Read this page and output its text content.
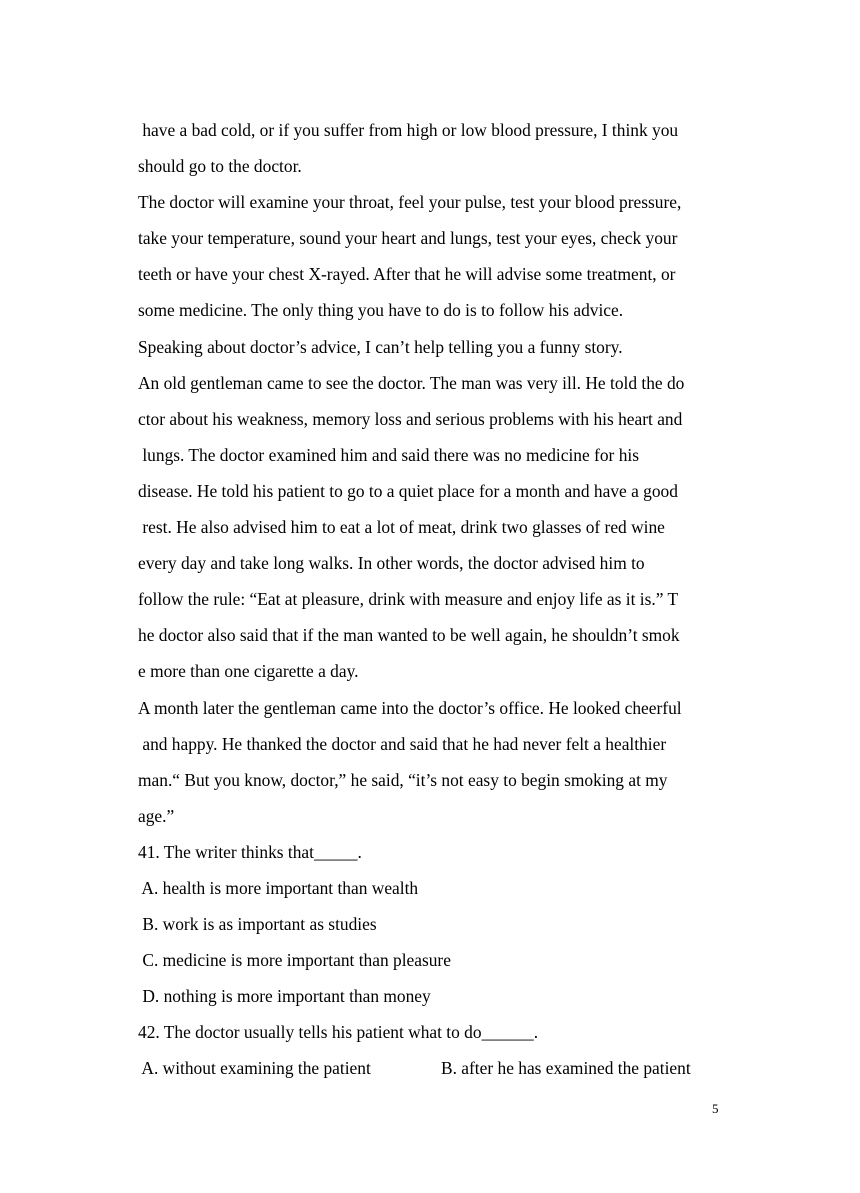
have a bad cold, or if you suffer from high or low blood pressure, I think you
should go to the doctor.
The doctor will examine your throat, feel your pulse, test your blood pressure,
take your temperature, sound your heart and lungs, test your eyes, check your
teeth or have your chest X-rayed. After that he will advise some treatment, or
some medicine. The only thing you have to do is to follow his advice.
Speaking about doctor’s advice, I can’t help telling you a funny story.
An old gentleman came to see the doctor. The man was very ill. He told the do
ctor about his weakness, memory loss and serious problems with his heart and
lungs. The doctor examined him and said there was no medicine for his
disease. He told his patient to go to a quiet place for a month and have a good
rest. He also advised him to eat a lot of meat, drink two glasses of red wine
every day and take long walks. In other words, the doctor advised him to
follow the rule: “Eat at pleasure, drink with measure and enjoy life as it is.” T
he doctor also said that if the man wanted to be well again, he shouldn’t smok
e more than one cigarette a day.
A month later the gentleman came into the doctor’s office. He looked cheerful
and happy. He thanked the doctor and said that he had never felt a healthier
man.“ But you know, doctor,” he said, “it’s not easy to begin smoking at my
age.”
41. The writer thinks that_____.
A. health is more important than wealth
B. work is as important as studies
C. medicine is more important than pleasure
D. nothing is more important than money
42. The doctor usually tells his patient what to do______.
A. without examining the patient	B. after he has examined the patient
5
